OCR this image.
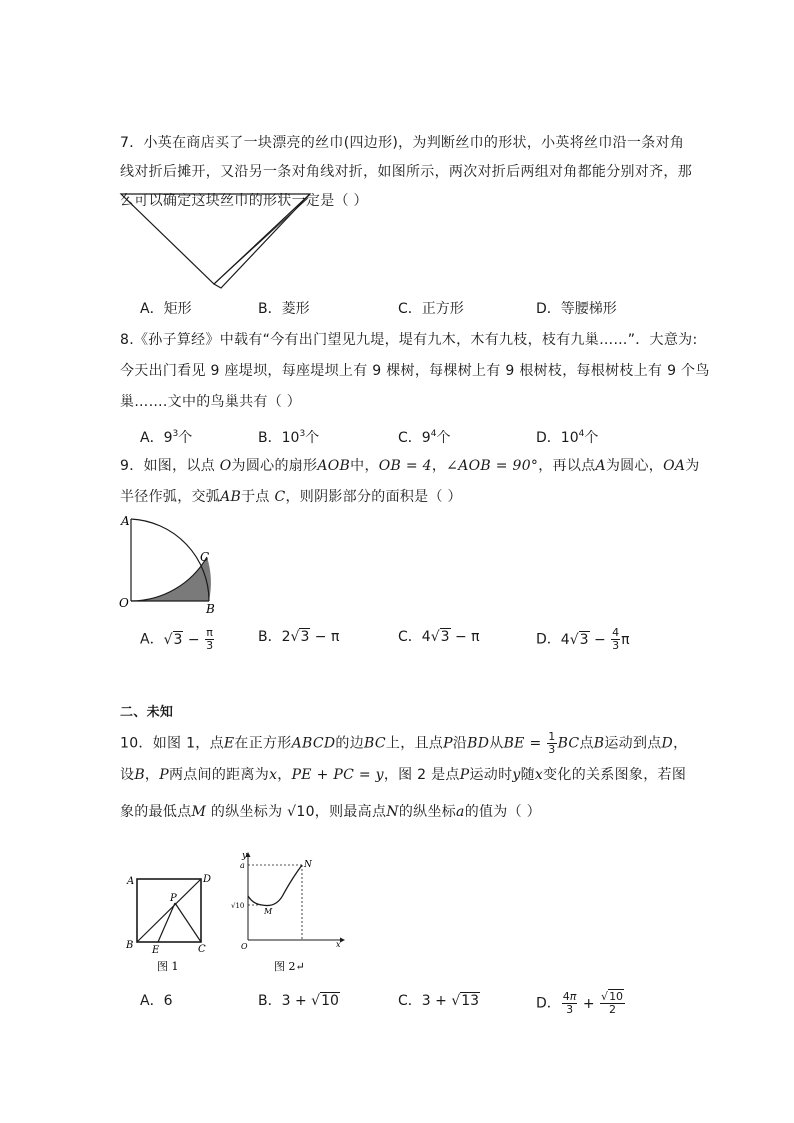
7．小英在商店买了一块漂亮的丝巾(四边形)，为判断丝巾的形状，小英将丝巾沿一条对角
线对折后摊开，又沿另一条对角线对折，如图所示，两次对折后两组对角都能分别对齐，那
么可以确定这块丝巾的形状一定是（ ）
A．矩形	B．菱形	C．正方形	D．等腰梯形
8.《孙子算经》中载有“今有出门望见九堤，堤有九木，木有九枝，枝有九巢……”．大意为:
今天出门看见 9 座堤坝，每座堤坝上有 9 棵树，每棵树上有 9 根树枝，每根树枝上有 9 个鸟
巢…….文中的鸟巢共有（ ）
A．$9^3$个	B．$10^3$个	C．$9^4$个	D．$10^4$个
9．如图，以点 O为圆心的扇形AOB中，OB = 4，∠AOB = 90°，再以点A为圆心，OA为
半径作弧，交弧AB于点 C，则阴影部分的面积是（ ）
A
O	B
C
A．$√3 - \frac{\pi}{3}$	B．2√3 − π	C．4√3 − π	D．$4√3 - \frac{4}{3}$ π
二、未知
10．如图 1，点E在正方形ABCD的边BC上，且点P沿BD从BE = $\frac{1}{3}$ BC点B运动到点D，
设B，P两点间的距离为x，PE + PC = y，图 2 是点P运动时y随x变化的关系图象，若图
象的最低点M 的纵坐标为 √10，则最高点N的纵坐标a的值为（ ）
A	D
B	C
E
P
图 1
y
a	N
√10
M
O	x
图 2↵
A．6	B．3 + √10	C．3 + √13	D． $\frac{4\pi}{3} + \frac{√10}{2}$
